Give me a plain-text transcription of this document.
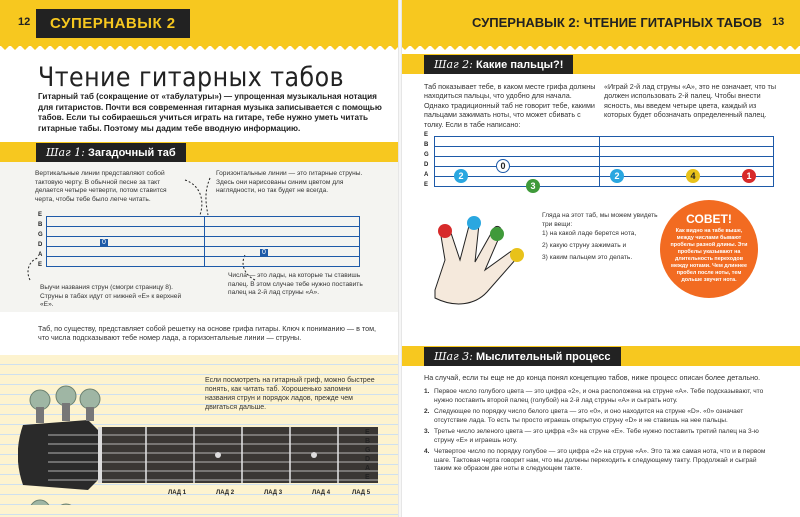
12	СУПЕРНАВЫК 2	СУПЕРНАВЫК 2: ЧТЕНИЕ ГИТАРНЫХ ТАБОВ 13
Чтение гитарных табов
Гитарный таб (сокращение от «табулатуры») — упрощенная музыкальная нотация для гитаристов. Почти вся современная гитарная музыка записывается с помощью табов. Если ты собираешься учиться играть на гитаре, тебе нужно уметь читать гитарные табы. Поэтому мы дадим тебе вводную информацию.
Шаг 1: Загадочный таб
Вертикальные линии представляют собой тактовую черту. В обычной песне за такт делается четыре четверти, потом ставится черта, чтобы тебе было легче читать.
Горизонтальные линии — это гитарные струны. Здесь они нарисованы синим цветом для наглядности, но так будет не всегда.
E
B
G
D
A
E
0
0
Выучи названия струн (смогри страницу 8). Струны в табах идут от нижней «E» к верхней «E».
Числа — это лады, на которые ты ставишь палец. В этом случае тебе нужно поставить палец на 2-й лад струны «A».
Таб, по существу, представляет собой решетку на основе грифа гитары. Ключ к пониманию — в том, что числа подсказывают тебе номер лада, а горизонтальные линии — струны.
Если посмотреть на гитарный гриф, можно быстрее понять, как читать таб. Хорошенько запомни названия струн и порядок ладов, прежде чем двигаться дальше.
EBGDAE
ЛАД 1	ЛАД 2	ЛАД 3	ЛАД 4	ЛАД 5
Шаг 2: Какие пальцы?!
Таб показывает тебе, в каком месте грифа должны находиться пальцы, что удобно для начала. Однако традиционный таб не говорит тебе, какими пальцами зажимать ноты, что может сбивать с толку. Если в табе написано:
«Играй 2-й лад струны «A», это не означает, что ты должен использовать 2-й палец. Чтобы внести ясность, мы введем четыре цвета, каждый из которых будет обозначать определенный палец.
E
B
G
D
A
E
2
0
3
2	4	1
Гляда на этот таб, мы можем увидеть три вещи:
1) на какой ладе берется нота,
2) какую струну зажимать и
3) каким пальцем это делать.
СОВЕТ!
Как видно на табе выше, между числами бывают пробелы разной длины. Эти пробелы указывают на длительность переходов между нотами. Чем длиннее пробел после ноты, тем дольше звучит нота.
Шаг 3: Мыслительный процесс
На случай, если ты еще не до конца понял концепцию табов, ниже процесс описан более детально.
1. Первое число голубого цвета — это цифра «2», и она расположена на струне «A». Тебе подсказывают, что нужно поставить второй палец (голубой) на 2-й лад струны «A» и сыграть ноту.
2. Следующее по порядку число белого цвета — это «0», и оно находится на струне «D». «0» означает отсутствие лада. То есть ты просто играешь открытую струну «D» и не ставишь на нее пальцы.
3. Третье число зеленого цвета — это цифра «3» на струне «E». Тебе нужно поставить третий палец на 3-ю струну «E» и играешь ноту.
4. Четвертое число по порядку голубое — это цифра «2» на струне «A». Это та же самая нота, что и в первом шаге. Тактовая черта говорит нам, что мы должны переходить к следующему такту. Продолжай и сыграй таким же образом две ноты в следующем такте.
